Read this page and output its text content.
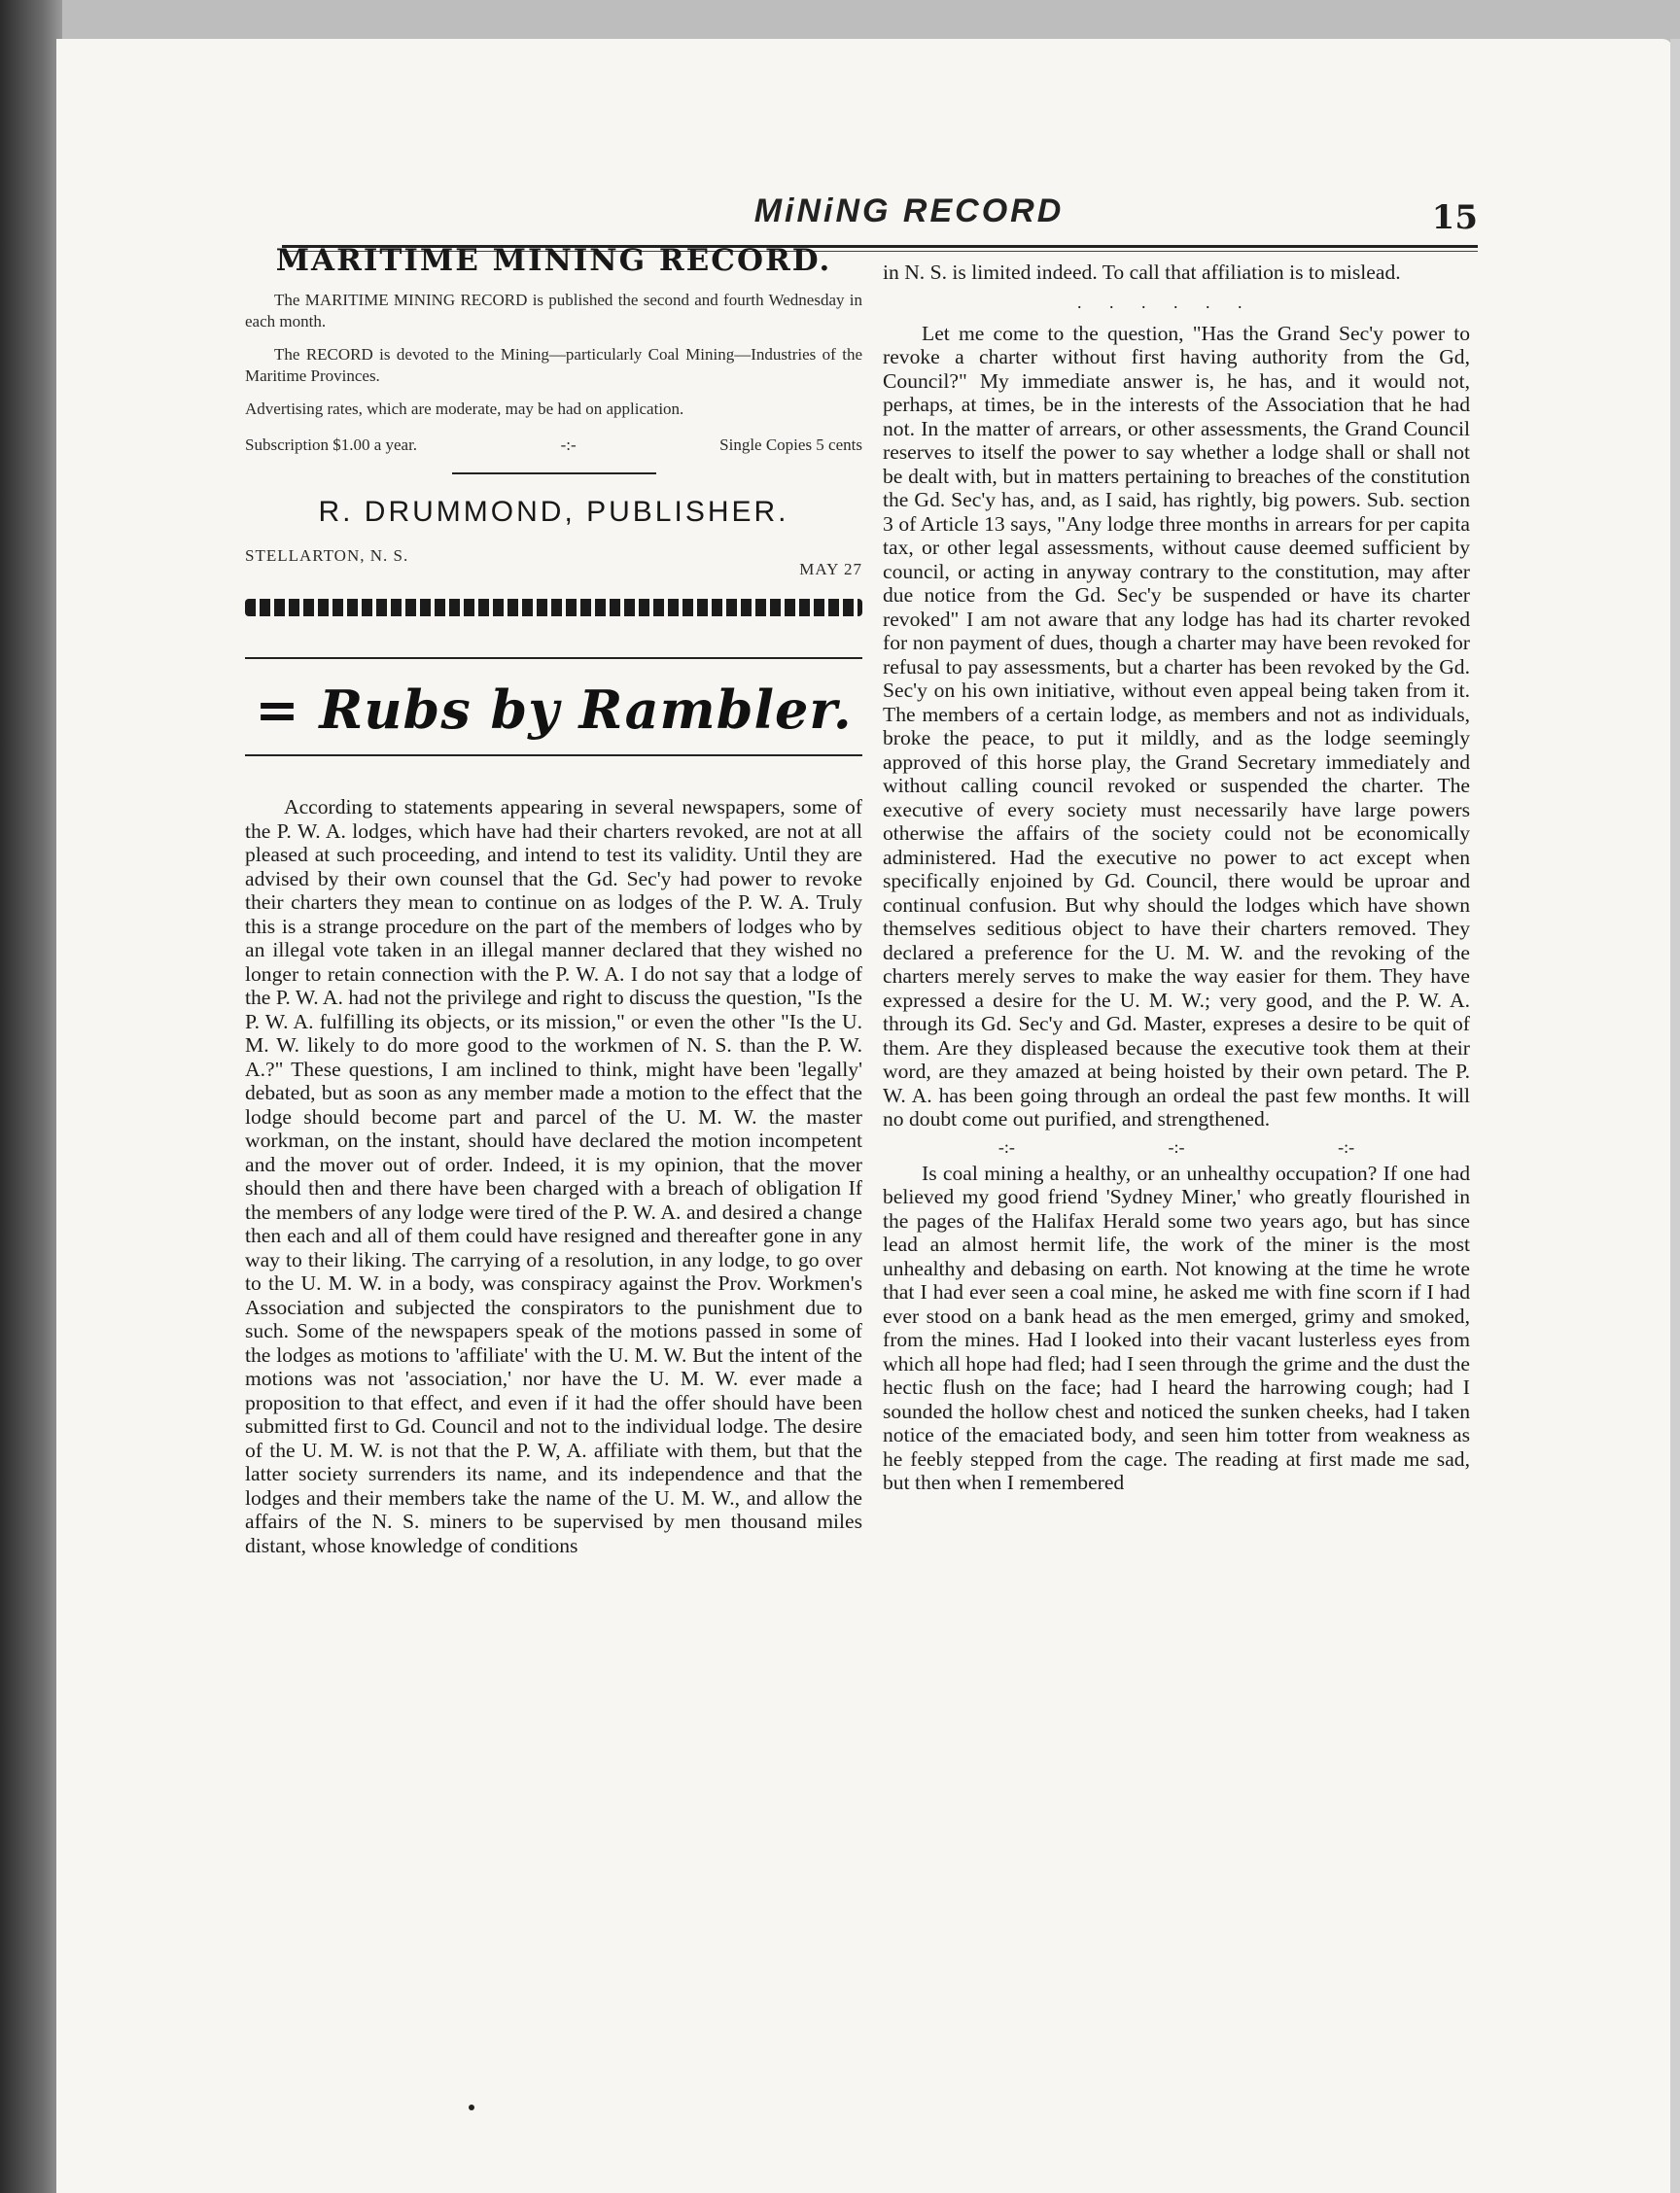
MiNiNG RECORD	15
MARITIME MINING RECORD.

The MARITIME MINING RECORD is published the second and fourth Wednesday in each month.

The RECORD is devoted to the Mining—particularly Coal Mining—Industries of the Maritime Provinces.

Advertising rates, which are moderate, may be had on application.

Subscription $1.00 a year.	-:-	Single Copies 5 cents
R. DRUMMOND, PUBLISHER.
STELLARTON, N. S.
MAY 27
= Rubs by Rambler.

According to statements appearing in several newspapers, some of the P. W. A. lodges, which have had their charters revoked, are not at all pleased at such proceeding, and intend to test its validity. Until they are advised by their own counsel that the Gd. Sec'y had power to revoke their charters they mean to continue on as lodges of the P. W. A. Truly this is a strange procedure on the part of the members of lodges who by an illegal vote taken in an illegal manner declared that they wished no longer to retain connection with the P. W. A. I do not say that a lodge of the P. W. A. had not the privilege and right to discuss the question, "Is the P. W. A. fulfilling its objects, or its mission," or even the other "Is the U. M. W. likely to do more good to the workmen of N. S. than the P. W. A.?" These questions, I am inclined to think, might have been 'legally' debated, but as soon as any member made a motion to the effect that the lodge should become part and parcel of the U. M. W. the master workman, on the instant, should have declared the motion incompetent and the mover out of order. Indeed, it is my opinion, that the mover should then and there have been charged with a breach of obligation If the members of any lodge were tired of the P. W. A. and desired a change then each and all of them could have resigned and thereafter gone in any way to their liking. The carrying of a resolution, in any lodge, to go over to the U. M. W. in a body, was conspiracy against the Prov. Workmen's Association and subjected the conspirators to the punishment due to such. Some of the newspapers speak of the motions passed in some of the lodges as motions to 'affiliate' with the U. M. W. But the intent of the motions was not 'association,' nor have the U. M. W. ever made a proposition to that effect, and even if it had the offer should have been submitted first to Gd. Council and not to the individual lodge. The desire of the U. M. W. is not that the P. W, A. affiliate with them, but that the latter society surrenders its name, and its independence and that the lodges and their members take the name of the U. M. W., and allow the affairs of the N. S. miners to be supervised by men thousand miles distant, whose knowledge of conditions

in N. S. is limited indeed. To call that affiliation is to mislead.

. . . . . .

Let me come to the question, "Has the Grand Sec'y power to revoke a charter without first having authority from the Gd, Council?" My immediate answer is, he has, and it would not, perhaps, at times, be in the interests of the Association that he had not. In the matter of arrears, or other assessments, the Grand Council reserves to itself the power to say whether a lodge shall or shall not be dealt with, but in matters pertaining to breaches of the constitution the Gd. Sec'y has, and, as I said, has rightly, big powers. Sub. section 3 of Article 13 says, "Any lodge three months in arrears for per capita tax, or other legal assessments, without cause deemed sufficient by council, or acting in anyway contrary to the constitution, may after due notice from the Gd. Sec'y be suspended or have its charter revoked" I am not aware that any lodge has had its charter revoked for non payment of dues, though a charter may have been revoked for refusal to pay assessments, but a charter has been revoked by the Gd. Sec'y on his own initiative, without even appeal being taken from it. The members of a certain lodge, as members and not as individuals, broke the peace, to put it mildly, and as the lodge seemingly approved of this horse play, the Grand Secretary immediately and without calling council revoked or suspended the charter. The executive of every society must necessarily have large powers otherwise the affairs of the society could not be economically administered. Had the executive no power to act except when specifically enjoined by Gd. Council, there would be uproar and continual confusion. But why should the lodges which have shown themselves seditious object to have their charters removed. They declared a preference for the U. M. W. and the revoking of the charters merely serves to make the way easier for them. They have expressed a desire for the U. M. W.; very good, and the P. W. A. through its Gd. Sec'y and Gd. Master, expreses a desire to be quit of them. Are they displeased because the executive took them at their word, are they amazed at being hoisted by their own petard. The P. W. A. has been going through an ordeal the past few months. It will no doubt come out purified, and strengthened.

-:-	-:-	-:-

Is coal mining a healthy, or an unhealthy occupation? If one had believed my good friend 'Sydney Miner,' who greatly flourished in the pages of the Halifax Herald some two years ago, but has since lead an almost hermit life, the work of the miner is the most unhealthy and debasing on earth. Not knowing at the time he wrote that I had ever seen a coal mine, he asked me with fine scorn if I had ever stood on a bank head as the men emerged, grimy and smoked, from the mines. Had I looked into their vacant lusterless eyes from which all hope had fled; had I seen through the grime and the dust the hectic flush on the face; had I heard the harrowing cough; had I sounded the hollow chest and noticed the sunken cheeks, had I taken notice of the emaciated body, and seen him totter from weakness as he feebly stepped from the cage. The reading at first made me sad, but then when I remembered
